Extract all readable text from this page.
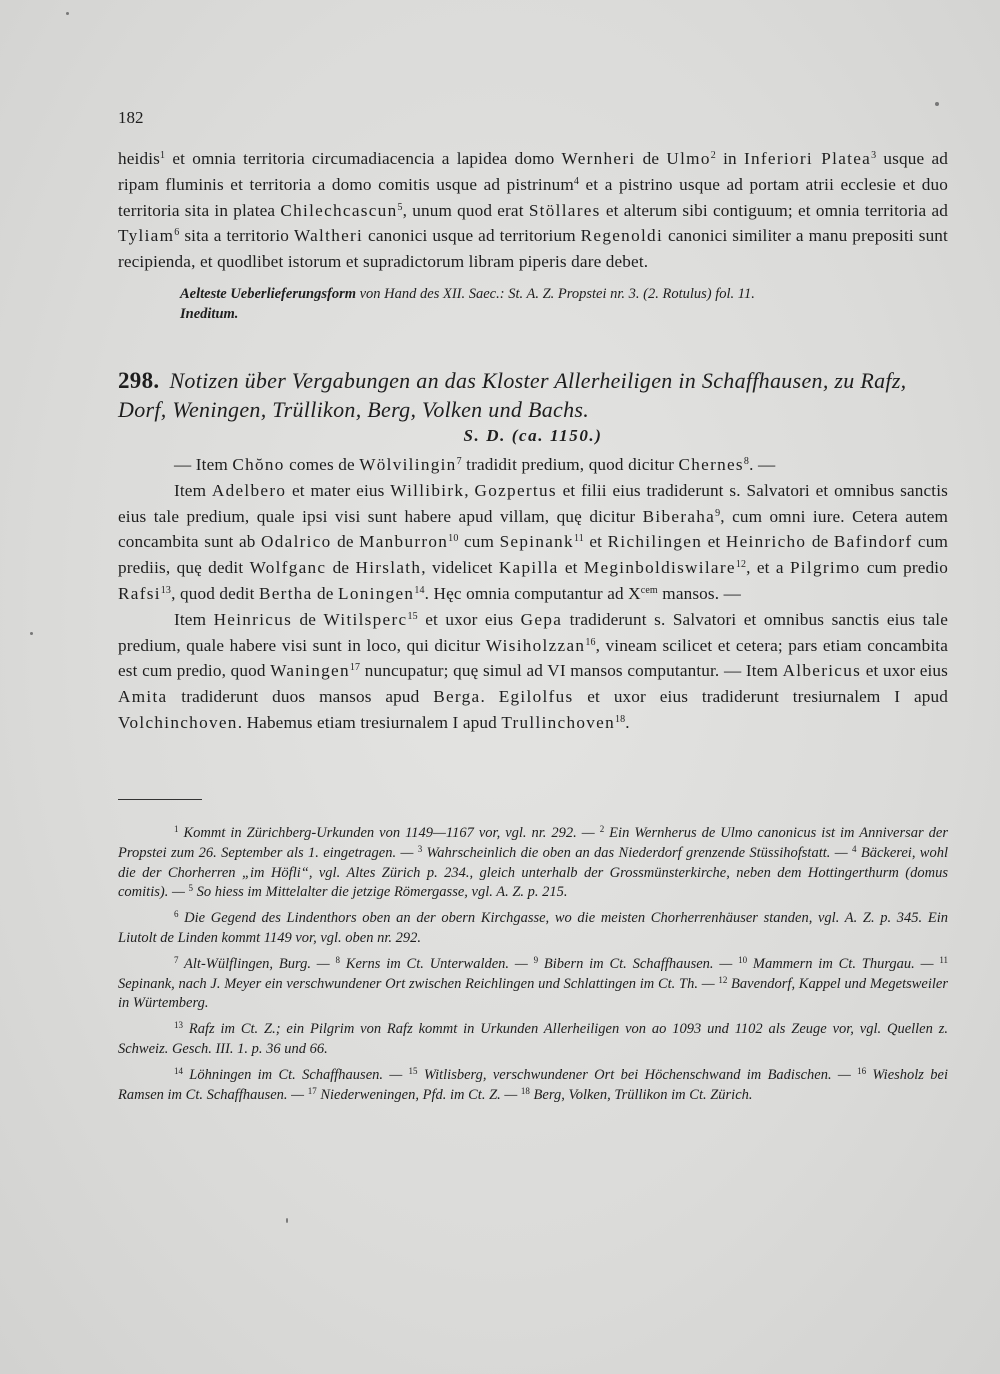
182

heidis$^1$ et omnia territoria circumadiacencia a lapidea domo Wernheri de Ulmo$^2$ in Inferiori Platea$^3$ usque ad ripam fluminis et territoria a domo comitis usque ad pistrinum$^4$ et a pistrino usque ad portam atrii ecclesie et duo territoria sita in platea Chilechcascun$^5$, unum quod erat Stöllares et alterum sibi contiguum; et omnia territoria ad Tyliam$^6$ sita a territorio Waltheri canonici usque ad territorium Regenoldi canonici similiter a manu prepositi sunt recipienda, et quodlibet istorum et supradictorum libram piperis dare debet.

Aelteste Ueberlieferungsform von Hand des XII. Saec.: St. A. Z. Propstei nr. 3. (2. Rotulus) fol. 11.
Ineditum.

298. Notizen über Vergabungen an das Kloster Allerheiligen in Schaffhausen, zu Rafz, Dorf, Weningen, Trüllikon, Berg, Volken und Bachs.

S. D. (ca. 1150.)

— Item Chŏno comes de Wölvilingin$^7$ tradidit predium, quod dicitur Chernes$^8$. —

Item Adelbero et mater eius Willibirk, Gozpertus et filii eius tradiderunt s. Salvatori et omnibus sanctis eius tale predium, quale ipsi visi sunt habere apud villam, quę dicitur Biberaha$^9$, cum omni iure. Cetera autem concambita sunt ab Odalrico de Manburron$^{10}$ cum Sepinank$^{11}$ et Richilingen et Heinricho de Bafindorf cum prediis, quę dedit Wolfganc de Hirslath, videlicet Kapilla et Meginboldiswilare$^{12}$, et a Pilgrimo cum predio Rafsi$^{13}$, quod dedit Bertha de Loningen$^{14}$. Hęc omnia computantur ad $X^{cem}$ mansos. —

Item Heinricus de Witilsperc$^{15}$ et uxor eius Gepa tradiderunt s. Salvatori et omnibus sanctis eius tale predium, quale habere visi sunt in loco, qui dicitur Wisiholzzan$^{16}$, vineam scilicet et cetera; pars etiam concambita est cum predio, quod Waningen$^{17}$ nuncupatur; quę simul ad VI mansos computantur. — Item Albericus et uxor eius Amita tradiderunt duos mansos apud Berga. Egilolfus et uxor eius tradiderunt tresiurnalem I apud Volchinchoven. Habemus etiam tresiurnalem I apud Trullinchoven$^{18}$.

$^1$ Kommt in Zürichberg-Urkunden von 1149—1167 vor, vgl. nr. 292. — $^2$ Ein Wernherus de Ulmo canonicus ist im Anniversar der Propstei zum 26. September als 1. eingetragen. — $^3$ Wahrscheinlich die oben an das Niederdorf grenzende Stüssihofstatt. — $^4$ Bäckerei, wohl die der Chorherren „im Höfli“, vgl. Altes Zürich p. 234., gleich unterhalb der Grossmünsterkirche, neben dem Hottingerthurm (domus comitis). — $^5$ So hiess im Mittelalter die jetzige Römergasse, vgl. A. Z. p. 215.

$^6$ Die Gegend des Lindenthors oben an der obern Kirchgasse, wo die meisten Chorherrenhäuser standen, vgl. A. Z. p. 345. Ein Liutolt de Linden kommt 1149 vor, vgl. oben nr. 292.

$^7$ Alt-Wülflingen, Burg. — $^8$ Kerns im Ct. Unterwalden. — $^9$ Bibern im Ct. Schaffhausen. — $^{10}$ Mammern im Ct. Thurgau. — $^{11}$ Sepinank, nach J. Meyer ein verschwundener Ort zwischen Reichlingen und Schlattingen im Ct. Th. — $^{12}$ Bavendorf, Kappel und Megetsweiler in Würtemberg.

$^{13}$ Rafz im Ct. Z.; ein Pilgrim von Rafz kommt in Urkunden Allerheiligen von ao 1093 und 1102 als Zeuge vor, vgl. Quellen z. Schweiz. Gesch. III. 1. p. 36 und 66.

$^{14}$ Löhningen im Ct. Schaffhausen. — $^{15}$ Witlisberg, verschwundener Ort bei Höchenschwand im Badischen. — $^{16}$ Wiesholz bei Ramsen im Ct. Schaffhausen. — $^{17}$ Niederweningen, Pfd. im Ct. Z. — $^{18}$ Berg, Volken, Trüllikon im Ct. Zürich.
